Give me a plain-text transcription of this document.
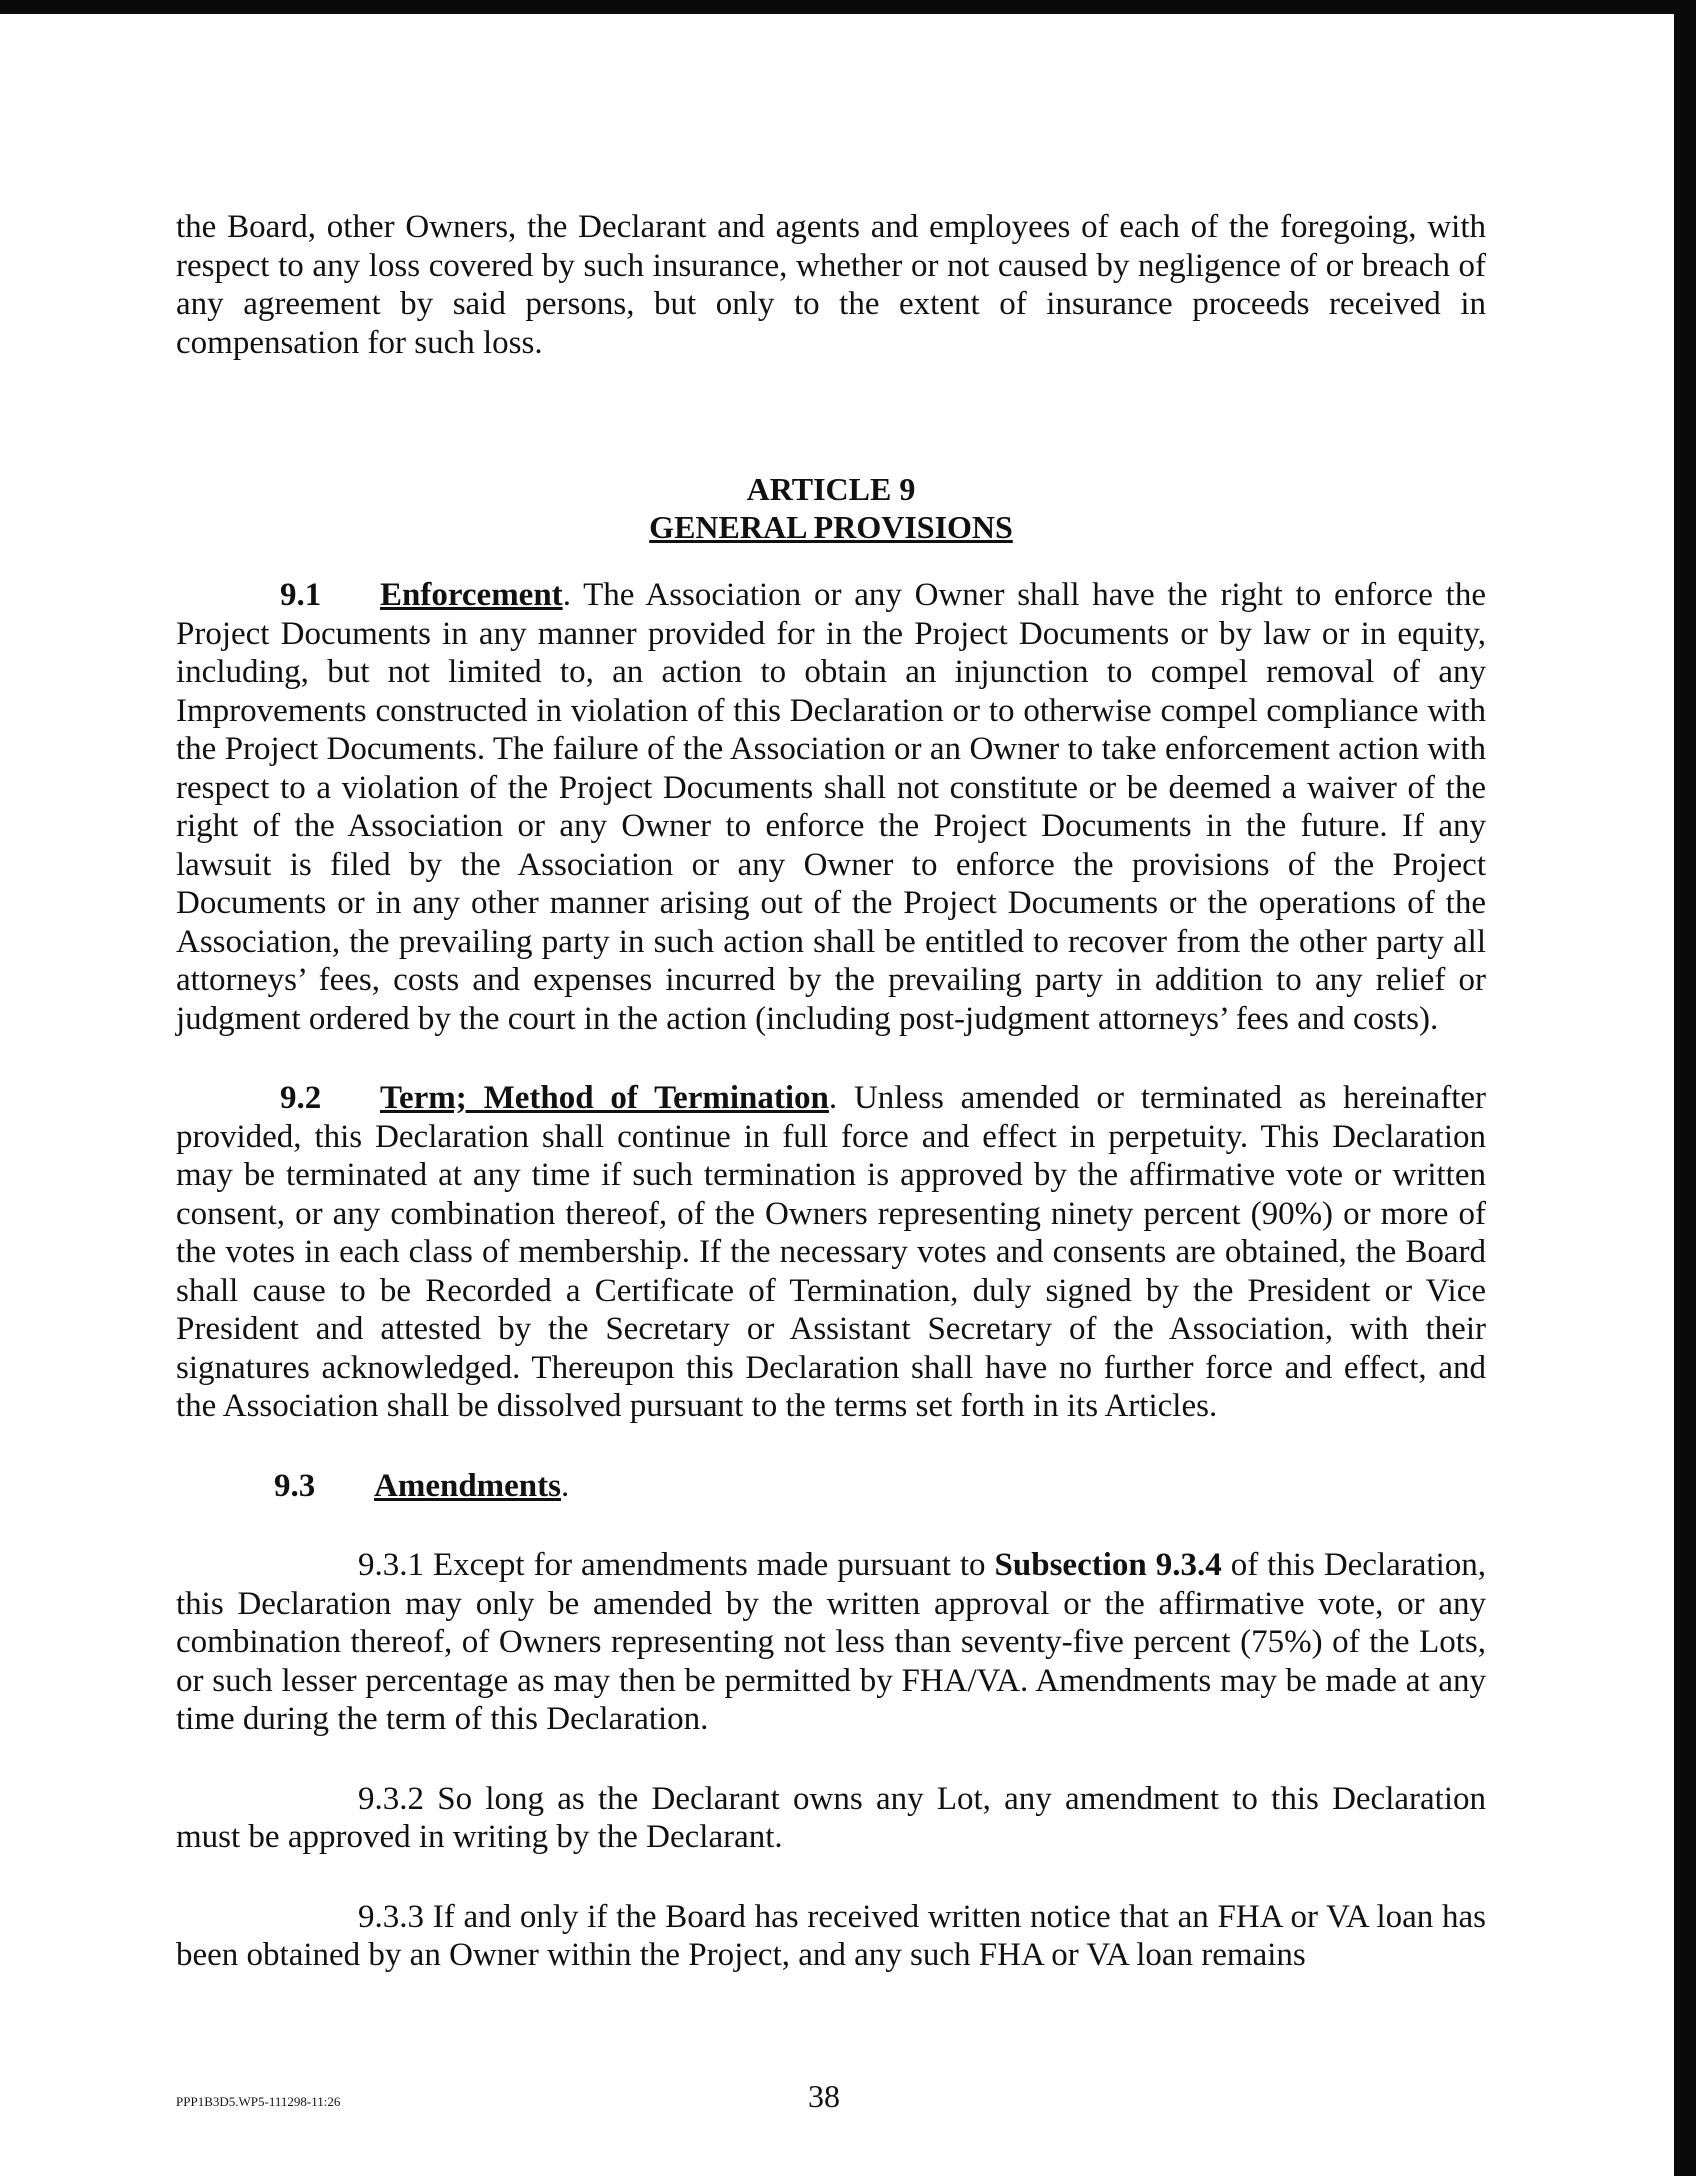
the Board, other Owners, the Declarant and agents and employees of each of the foregoing, with respect to any loss covered by such insurance, whether or not caused by negligence of or breach of any agreement by said persons, but only to the extent of insurance proceeds received in compensation for such loss.

ARTICLE 9
GENERAL PROVISIONS

9.1 Enforcement. The Association or any Owner shall have the right to enforce the Project Documents in any manner provided for in the Project Documents or by law or in equity, including, but not limited to, an action to obtain an injunction to compel removal of any Improvements constructed in violation of this Declaration or to otherwise compel compliance with the Project Documents. The failure of the Association or an Owner to take enforcement action with respect to a violation of the Project Documents shall not constitute or be deemed a waiver of the right of the Association or any Owner to enforce the Project Documents in the future. If any lawsuit is filed by the Association or any Owner to enforce the provisions of the Project Documents or in any other manner arising out of the Project Documents or the operations of the Association, the prevailing party in such action shall be entitled to recover from the other party all attorneys’ fees, costs and expenses incurred by the prevailing party in addition to any relief or judgment ordered by the court in the action (including post-judgment attorneys’ fees and costs).

9.2 Term; Method of Termination. Unless amended or terminated as hereinafter provided, this Declaration shall continue in full force and effect in perpetuity. This Declaration may be terminated at any time if such termination is approved by the affirmative vote or written consent, or any combination thereof, of the Owners representing ninety percent (90%) or more of the votes in each class of membership. If the necessary votes and consents are obtained, the Board shall cause to be Recorded a Certificate of Termination, duly signed by the President or Vice President and attested by the Secretary or Assistant Secretary of the Association, with their signatures acknowledged. Thereupon this Declaration shall have no further force and effect, and the Association shall be dissolved pursuant to the terms set forth in its Articles.

9.3 Amendments.

9.3.1 Except for amendments made pursuant to Subsection 9.3.4 of this Declaration, this Declaration may only be amended by the written approval or the affirmative vote, or any combination thereof, of Owners representing not less than seventy-five percent (75%) of the Lots, or such lesser percentage as may then be permitted by FHA/VA. Amendments may be made at any time during the term of this Declaration.

9.3.2 So long as the Declarant owns any Lot, any amendment to this Declaration must be approved in writing by the Declarant.

9.3.3 If and only if the Board has received written notice that an FHA or VA loan has been obtained by an Owner within the Project, and any such FHA or VA loan remains

PPP1B3D5.WP5-111298-11:26	38
